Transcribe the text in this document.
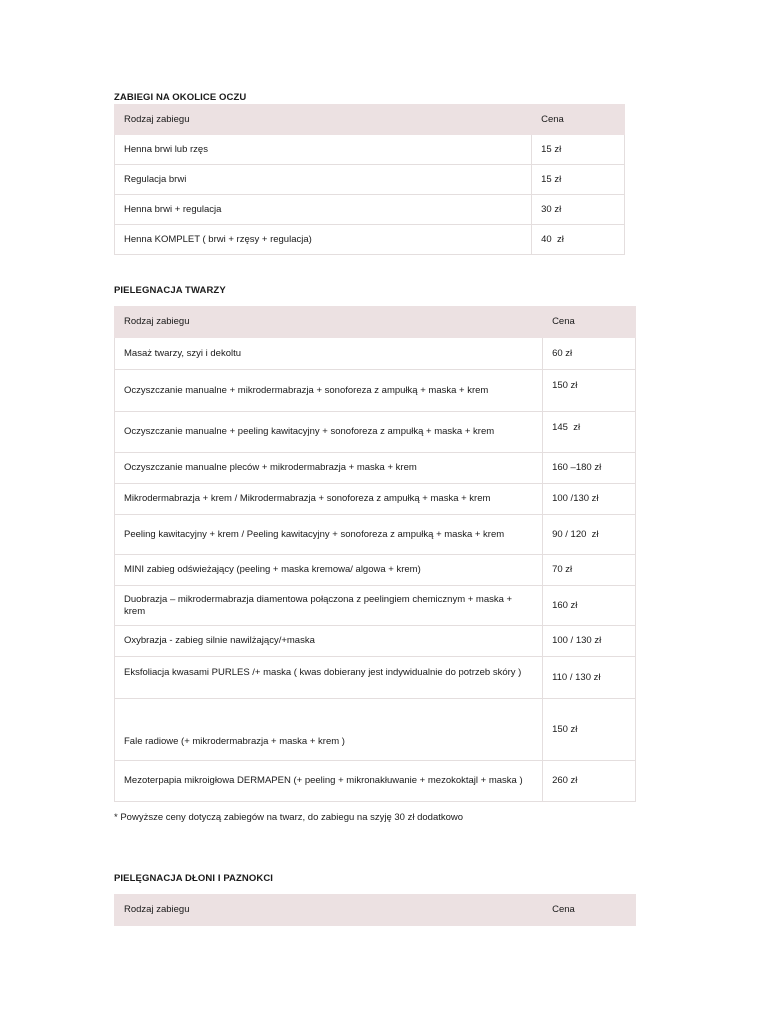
ZABIEGI NA OKOLICE OCZU
Rodzaj zabiegu	Cena
Henna brwi lub rzęs	15 zł
Regulacja brwi	15 zł
Henna brwi + regulacja	30 zł
Henna KOMPLET ( brwi + rzęsy + regulacja)	40  zł
PIELEGNACJA TWARZY
Rodzaj zabiegu	Cena
Masaż twarzy, szyi i dekoltu	60 zł
Oczyszczanie manualne + mikrodermabrazja + sonoforeza z ampułką + maska + krem	150 zł
Oczyszczanie manualne + peeling kawitacyjny + sonoforeza z ampułką + maska + krem	145  zł
Oczyszczanie manualne pleców + mikrodermabrazja + maska + krem	160 –180 zł
Mikrodermabrazja + krem / Mikrodermabrazja + sonoforeza z ampułką + maska + krem	100 /130 zł
Peeling kawitacyjny + krem / Peeling kawitacyjny + sonoforeza z ampułką + maska + krem	90 / 120  zł
MINI zabieg odświeżający (peeling + maska kremowa/ algowa + krem)	70 zł
Duobrazja – mikrodermabrazja diamentowa połączona z peelingiem chemicznym + maska + krem	160 zł
Oxybrazja - zabieg silnie nawilżający/+maska	100 / 130 zł
Eksfoliacja kwasami PURLES /+ maska ( kwas dobierany jest indywidualnie do potrzeb skóry )	110 / 130 zł
Fale radiowe (+ mikrodermabrazja + maska + krem )	150 zł
Mezoterpapia mikroigłowa DERMAPEN (+ peeling + mikronakłuwanie + mezokoktajl + maska )	260 zł

* Powyższe ceny dotyczą zabiegów na twarz, do zabiegu na szyję 30 zł dodatkowo

PIELĘGNACJA DŁONI I PAZNOKCI
Rodzaj zabiegu	Cena
